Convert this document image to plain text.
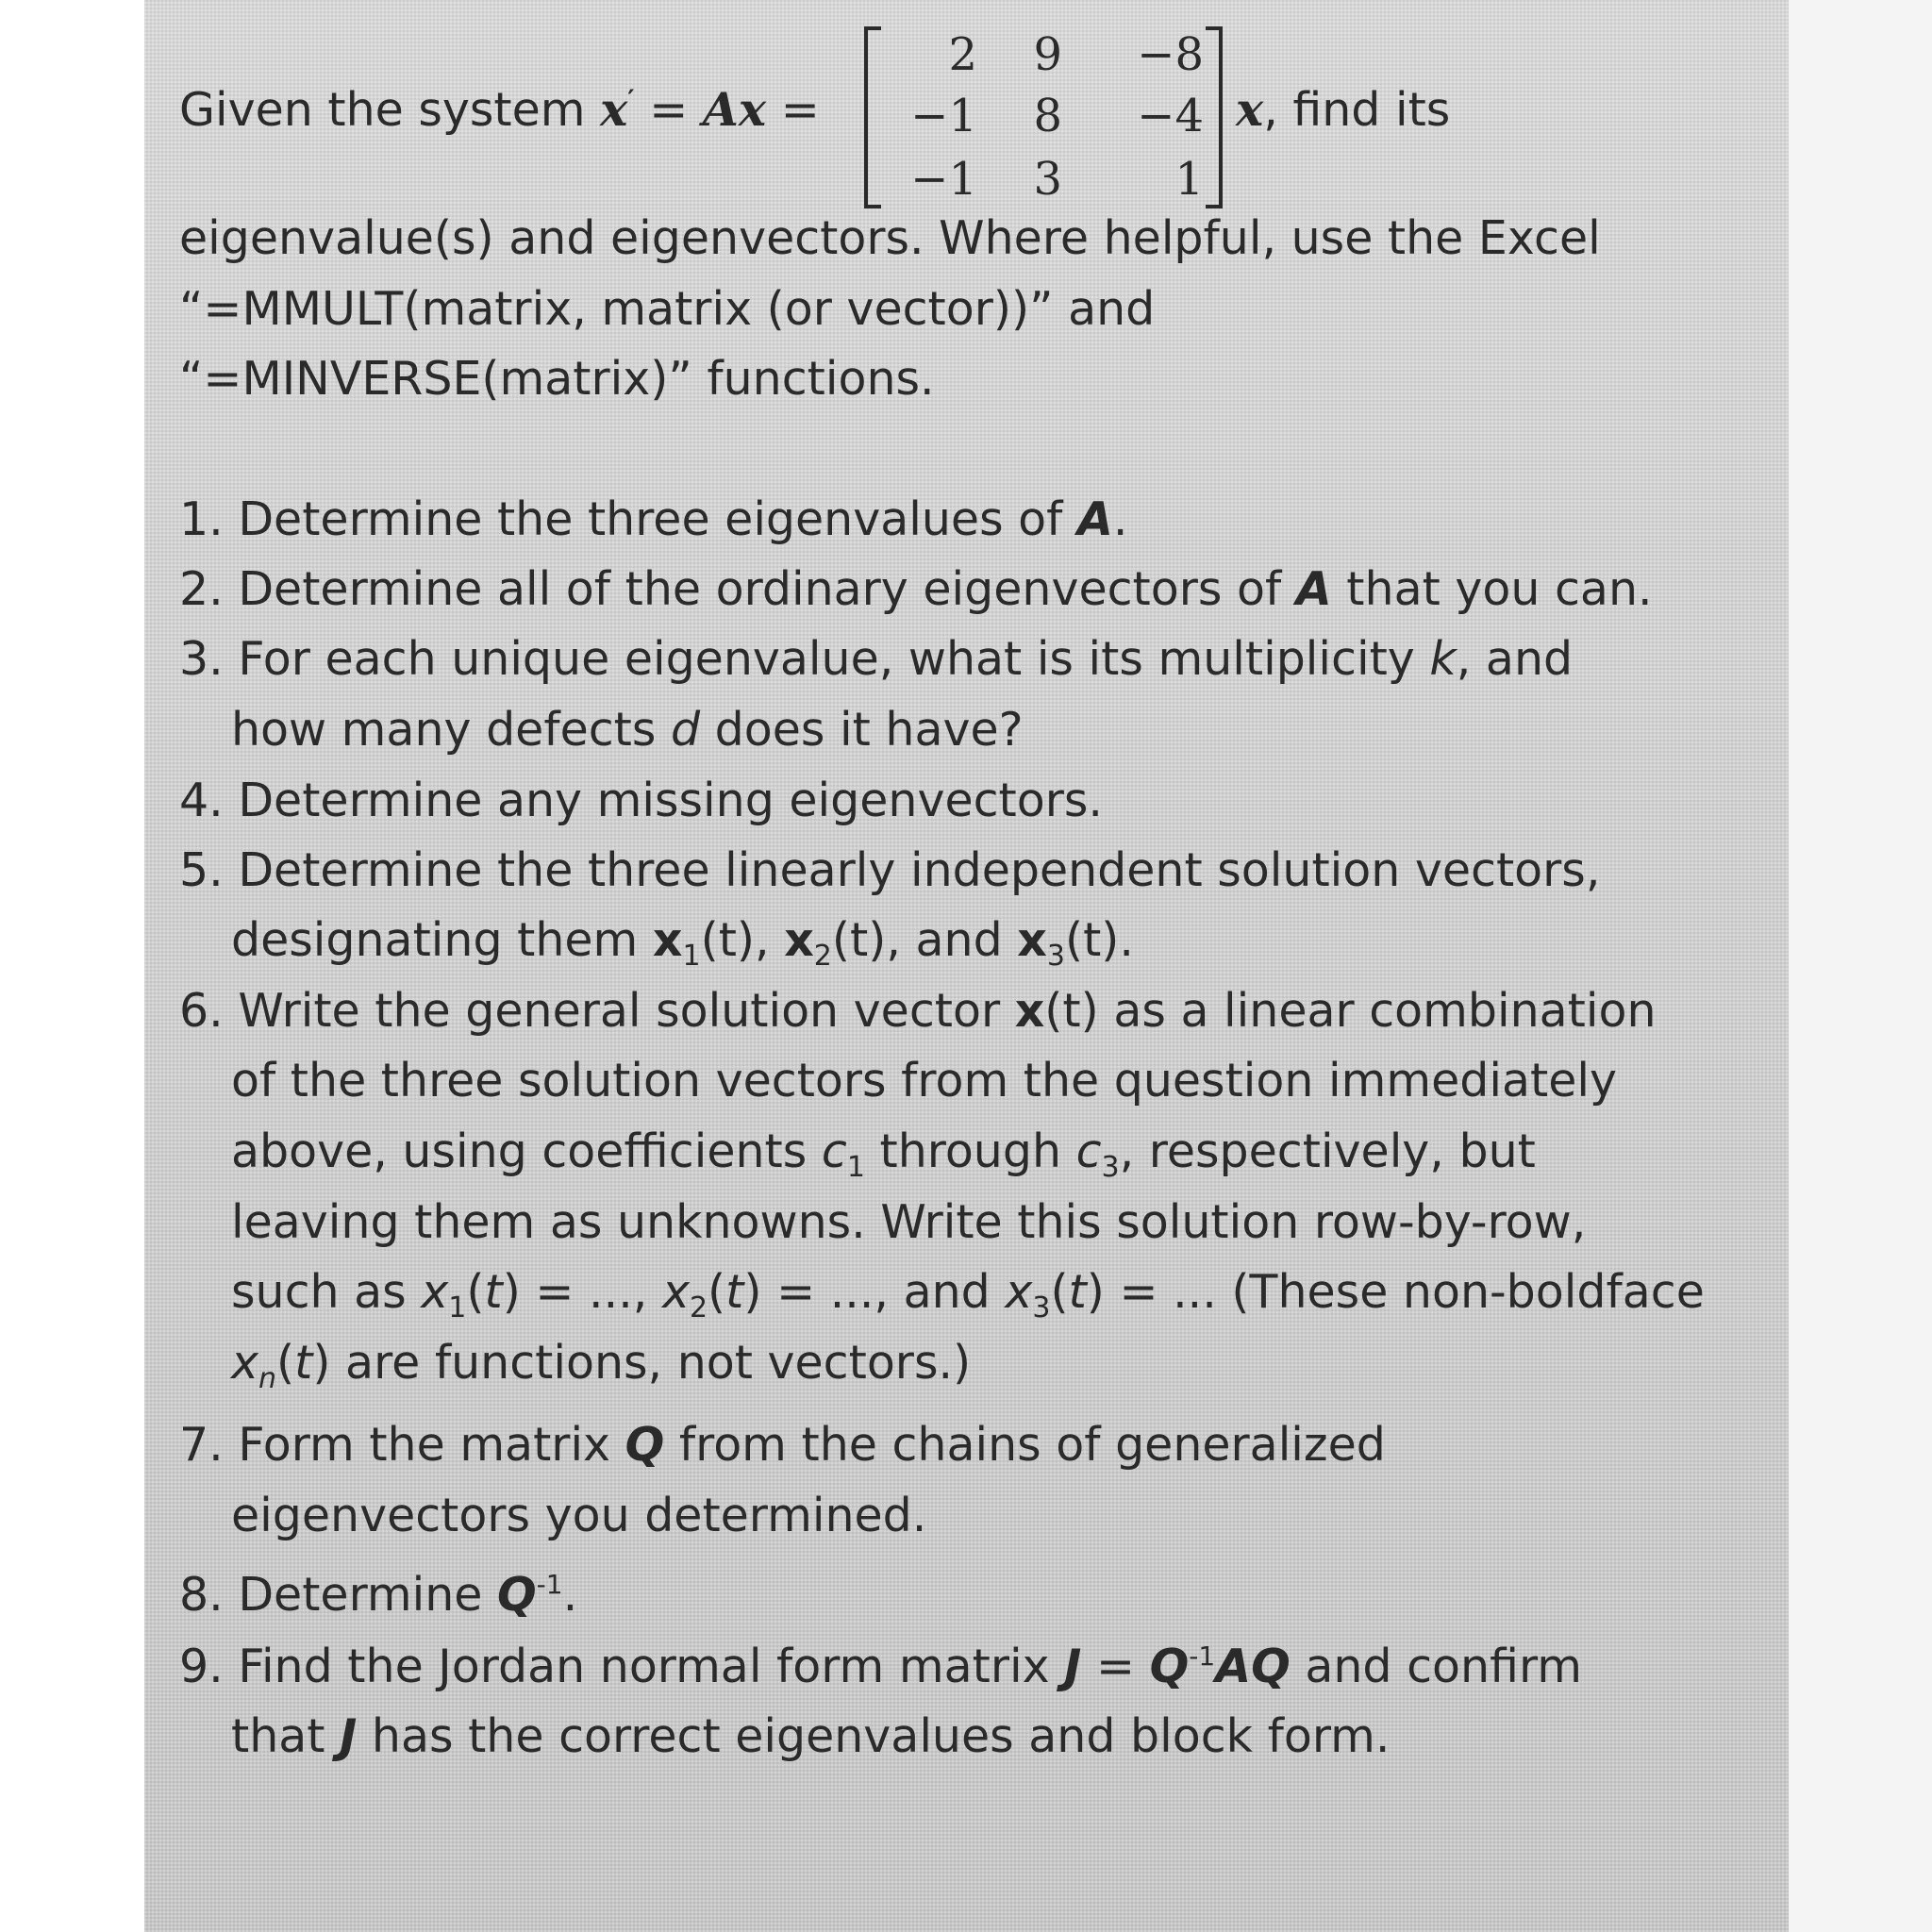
Given the system x′ = Ax =

2	9	−8
−1	8	−4
−1	3	1

x, find its

eigenvalue(s) and eigenvectors. Where helpful, use the Excel

“=MMULT(matrix, matrix (or vector))” and

“=MINVERSE(matrix)” functions.

1. Determine the three eigenvalues of A.

2. Determine all of the ordinary eigenvectors of A that you can.

3. For each unique eigenvalue, what is its multiplicity k, and

how many defects d does it have?

4. Determine any missing eigenvectors.

5. Determine the three linearly independent solution vectors,

designating them $x_1(t)$, $x_2(t)$, and $x_3(t)$.

6. Write the general solution vector x(t) as a linear combination

of the three solution vectors from the question immediately

above, using coefficients $c_1$ through $c_3$, respectively, but

leaving them as unknowns. Write this solution row-by-row,

such as $x_1(t)$ = ..., $x_2(t)$ = ..., and $x_3(t)$ = ... (These non-boldface

$x_n(t)$ are functions, not vectors.)

7. Form the matrix Q from the chains of generalized

eigenvectors you determined.

8. Determine $Q^{-1}$.

9. Find the Jordan normal form matrix $J = Q^{-1}AQ$ and confirm

that J has the correct eigenvalues and block form.
